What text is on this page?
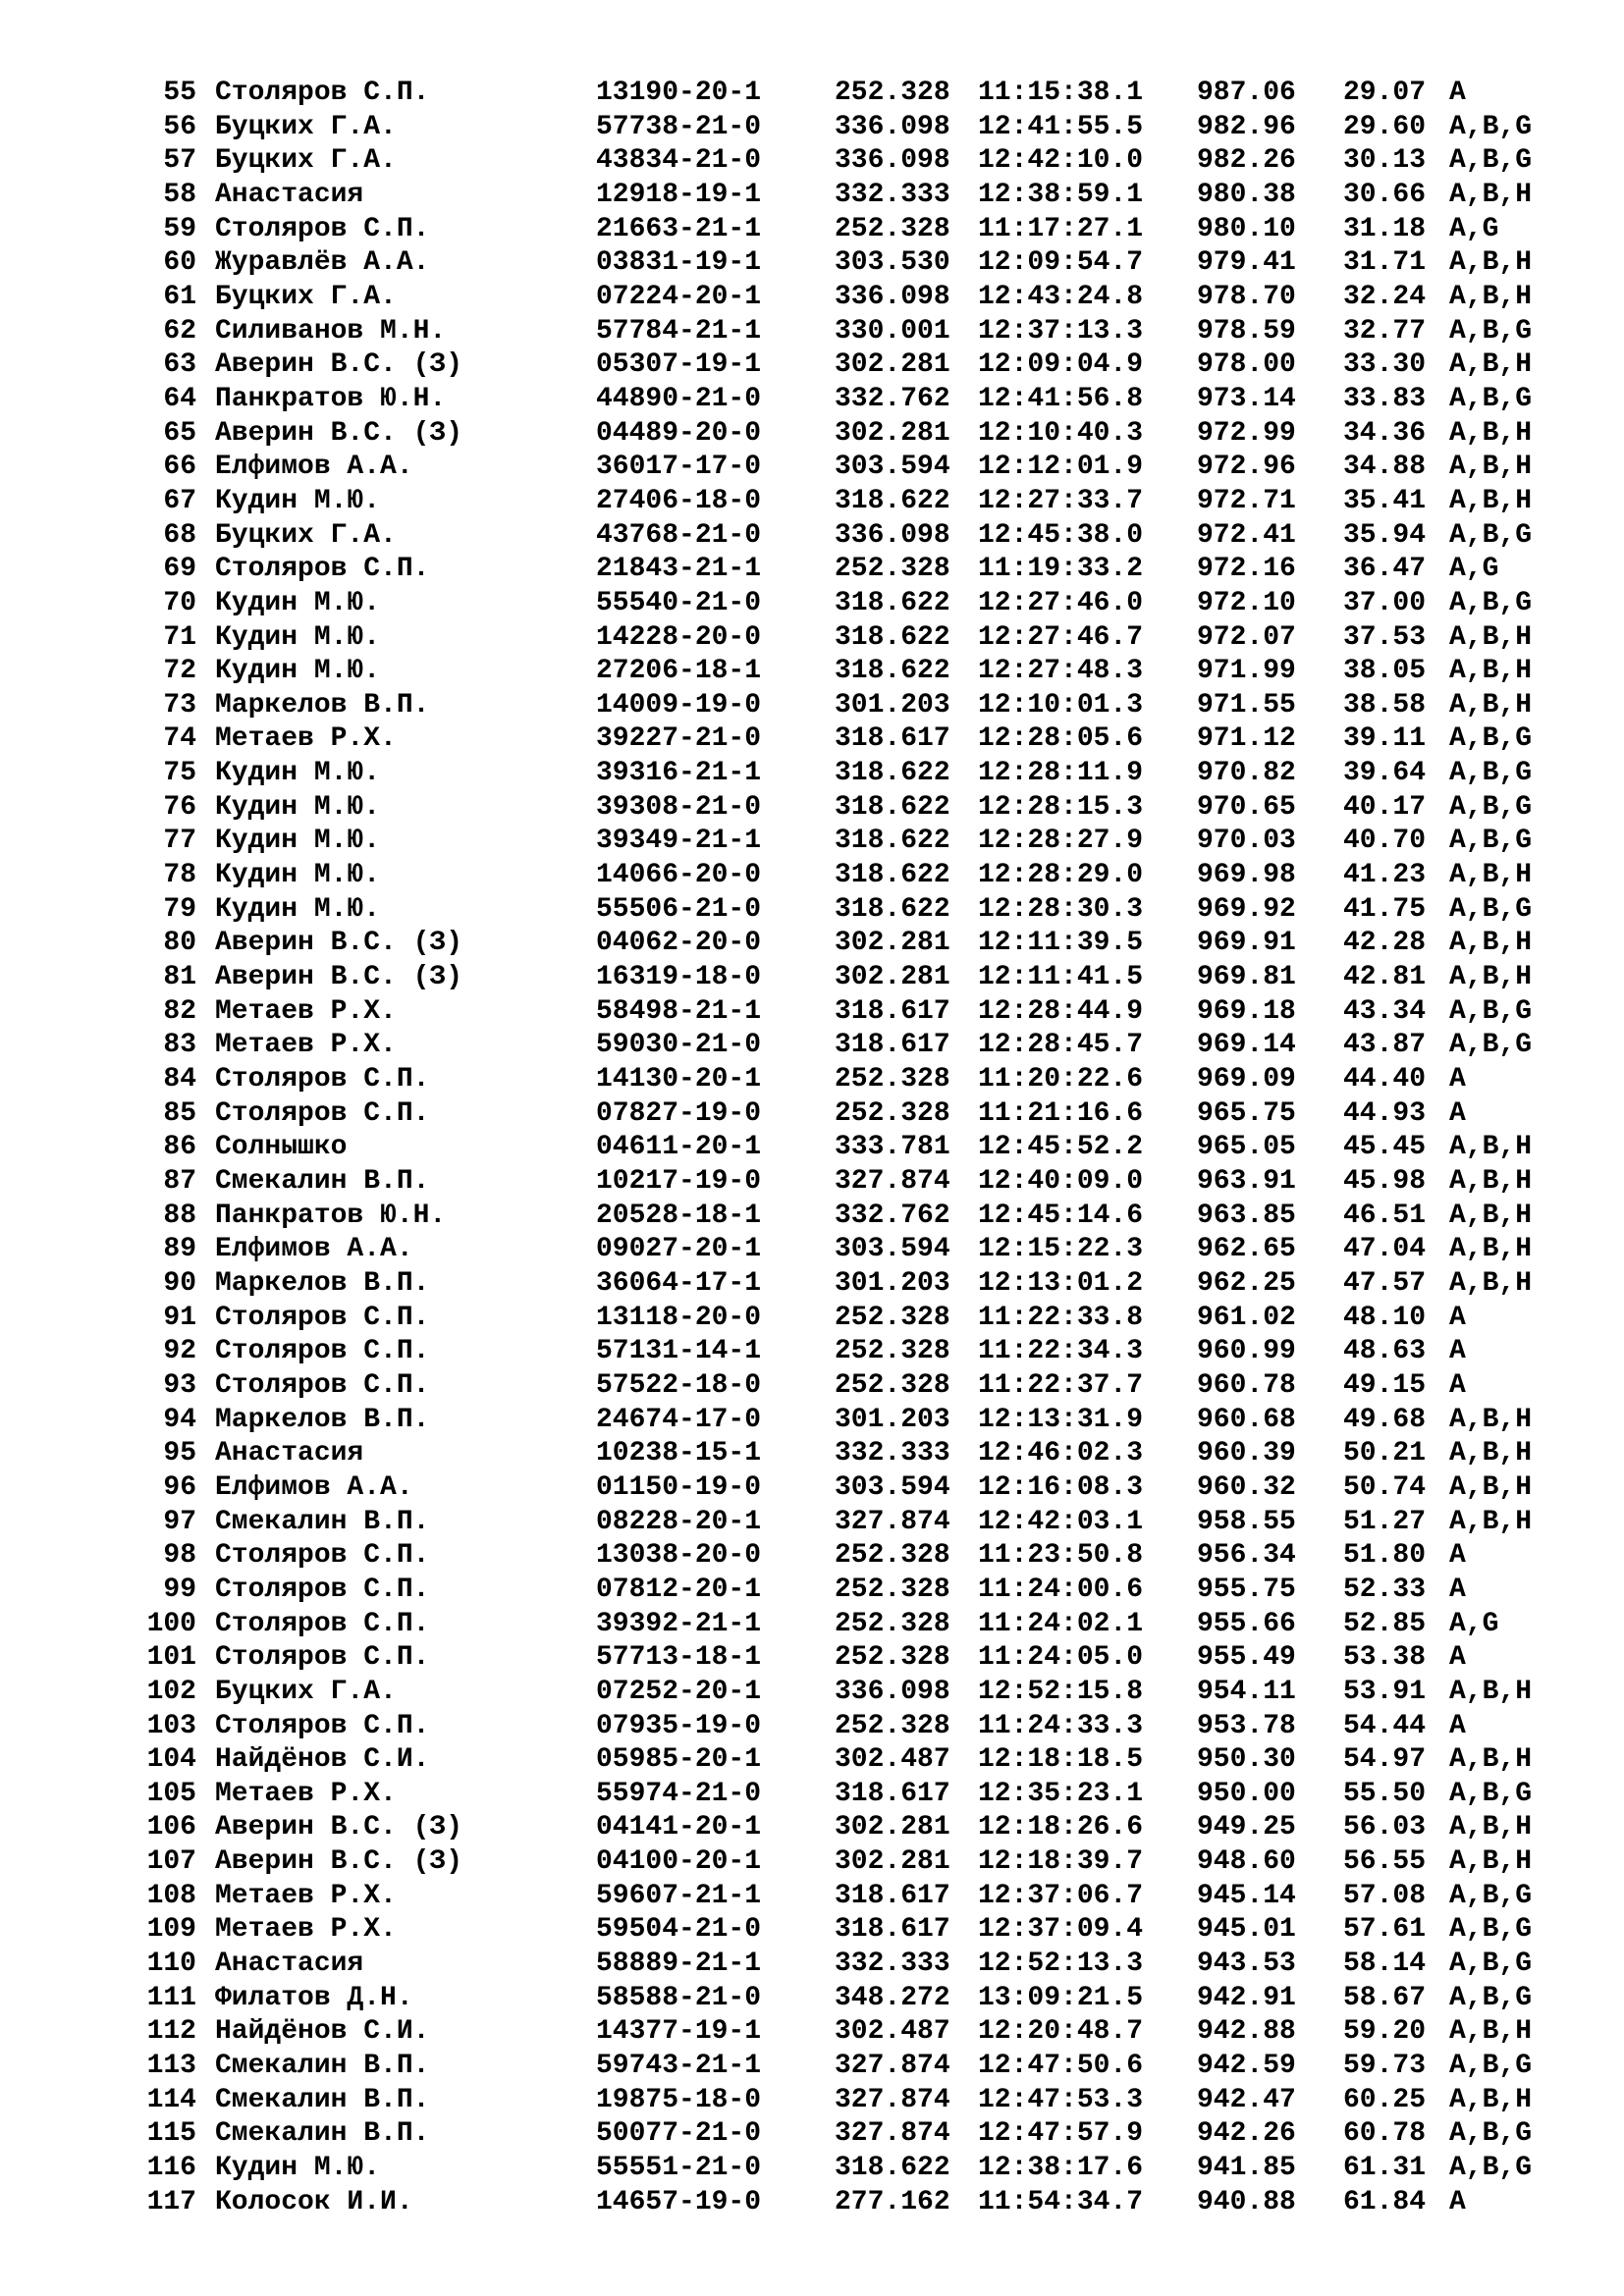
55 Столяров С.П.	13190-20-1	252.328 11:15:38.1 987.06 29.07 A
56 Буцких Г.А.	57738-21-0	336.098 12:41:55.5 982.96 29.60 A,B,G
57 Буцких Г.А.	43834-21-0	336.098 12:42:10.0 982.26 30.13 A,B,G
58 Анастасия	12918-19-1	332.333 12:38:59.1 980.38 30.66 A,B,H
59 Столяров С.П.	21663-21-1	252.328 11:17:27.1 980.10 31.18 A,G
60 Журавлёв А.А.	03831-19-1	303.530 12:09:54.7 979.41 31.71 A,B,H
61 Буцких Г.А.	07224-20-1	336.098 12:43:24.8 978.70 32.24 A,B,H
62 Силиванов М.Н.	57784-21-1	330.001 12:37:13.3 978.59 32.77 A,B,G
63 Аверин В.С. (З)	05307-19-1	302.281 12:09:04.9 978.00 33.30 A,B,H
64 Панкратов Ю.Н.	44890-21-0	332.762 12:41:56.8 973.14 33.83 A,B,G
65 Аверин В.С. (З)	04489-20-0	302.281 12:10:40.3 972.99 34.36 A,B,H
66 Елфимов А.А.	36017-17-0	303.594 12:12:01.9 972.96 34.88 A,B,H
67 Кудин М.Ю.	27406-18-0	318.622 12:27:33.7 972.71 35.41 A,B,H
68 Буцких Г.А.	43768-21-0	336.098 12:45:38.0 972.41 35.94 A,B,G
69 Столяров С.П.	21843-21-1	252.328 11:19:33.2 972.16 36.47 A,G
70 Кудин М.Ю.	55540-21-0	318.622 12:27:46.0 972.10 37.00 A,B,G
71 Кудин М.Ю.	14228-20-0	318.622 12:27:46.7 972.07 37.53 A,B,H
72 Кудин М.Ю.	27206-18-1	318.622 12:27:48.3 971.99 38.05 A,B,H
73 Маркелов В.П.	14009-19-0	301.203 12:10:01.3 971.55 38.58 A,B,H
74 Метаев Р.Х.	39227-21-0	318.617 12:28:05.6 971.12 39.11 A,B,G
75 Кудин М.Ю.	39316-21-1	318.622 12:28:11.9 970.82 39.64 A,B,G
76 Кудин М.Ю.	39308-21-0	318.622 12:28:15.3 970.65 40.17 A,B,G
77 Кудин М.Ю.	39349-21-1	318.622 12:28:27.9 970.03 40.70 A,B,G
78 Кудин М.Ю.	14066-20-0	318.622 12:28:29.0 969.98 41.23 A,B,H
79 Кудин М.Ю.	55506-21-0	318.622 12:28:30.3 969.92 41.75 A,B,G
80 Аверин В.С. (З)	04062-20-0	302.281 12:11:39.5 969.91 42.28 A,B,H
81 Аверин В.С. (З)	16319-18-0	302.281 12:11:41.5 969.81 42.81 A,B,H
82 Метаев Р.Х.	58498-21-1	318.617 12:28:44.9 969.18 43.34 A,B,G
83 Метаев Р.Х.	59030-21-0	318.617 12:28:45.7 969.14 43.87 A,B,G
84 Столяров С.П.	14130-20-1	252.328 11:20:22.6 969.09 44.40 A
85 Столяров С.П.	07827-19-0	252.328 11:21:16.6 965.75 44.93 A
86 Солнышко	04611-20-1	333.781 12:45:52.2 965.05 45.45 A,B,H
87 Смекалин В.П.	10217-19-0	327.874 12:40:09.0 963.91 45.98 A,B,H
88 Панкратов Ю.Н.	20528-18-1	332.762 12:45:14.6 963.85 46.51 A,B,H
89 Елфимов А.А.	09027-20-1	303.594 12:15:22.3 962.65 47.04 A,B,H
90 Маркелов В.П.	36064-17-1	301.203 12:13:01.2 962.25 47.57 A,B,H
91 Столяров С.П.	13118-20-0	252.328 11:22:33.8 961.02 48.10 A
92 Столяров С.П.	57131-14-1	252.328 11:22:34.3 960.99 48.63 A
93 Столяров С.П.	57522-18-0	252.328 11:22:37.7 960.78 49.15 A
94 Маркелов В.П.	24674-17-0	301.203 12:13:31.9 960.68 49.68 A,B,H
95 Анастасия	10238-15-1	332.333 12:46:02.3 960.39 50.21 A,B,H
96 Елфимов А.А.	01150-19-0	303.594 12:16:08.3 960.32 50.74 A,B,H
97 Смекалин В.П.	08228-20-1	327.874 12:42:03.1 958.55 51.27 A,B,H
98 Столяров С.П.	13038-20-0	252.328 11:23:50.8 956.34 51.80 A
99 Столяров С.П.	07812-20-1	252.328 11:24:00.6 955.75 52.33 A
100 Столяров С.П.	39392-21-1	252.328 11:24:02.1 955.66 52.85 A,G
101 Столяров С.П.	57713-18-1	252.328 11:24:05.0 955.49 53.38 A
102 Буцких Г.А.	07252-20-1	336.098 12:52:15.8 954.11 53.91 A,B,H
103 Столяров С.П.	07935-19-0	252.328 11:24:33.3 953.78 54.44 A
104 Найдёнов С.И.	05985-20-1	302.487 12:18:18.5 950.30 54.97 A,B,H
105 Метаев Р.Х.	55974-21-0	318.617 12:35:23.1 950.00 55.50 A,B,G
106 Аверин В.С. (З)	04141-20-1	302.281 12:18:26.6 949.25 56.03 A,B,H
107 Аверин В.С. (З)	04100-20-1	302.281 12:18:39.7 948.60 56.55 A,B,H
108 Метаев Р.Х.	59607-21-1	318.617 12:37:06.7 945.14 57.08 A,B,G
109 Метаев Р.Х.	59504-21-0	318.617 12:37:09.4 945.01 57.61 A,B,G
110 Анастасия	58889-21-1	332.333 12:52:13.3 943.53 58.14 A,B,G
111 Филатов Д.Н.	58588-21-0	348.272 13:09:21.5 942.91 58.67 A,B,G
112 Найдёнов С.И.	14377-19-1	302.487 12:20:48.7 942.88 59.20 A,B,H
113 Смекалин В.П.	59743-21-1	327.874 12:47:50.6 942.59 59.73 A,B,G
114 Смекалин В.П.	19875-18-0	327.874 12:47:53.3 942.47 60.25 A,B,H
115 Смекалин В.П.	50077-21-0	327.874 12:47:57.9 942.26 60.78 A,B,G
116 Кудин М.Ю.	55551-21-0	318.622 12:38:17.6 941.85 61.31 A,B,G
117 Колосок И.И.	14657-19-0	277.162 11:54:34.7 940.88 61.84 A
